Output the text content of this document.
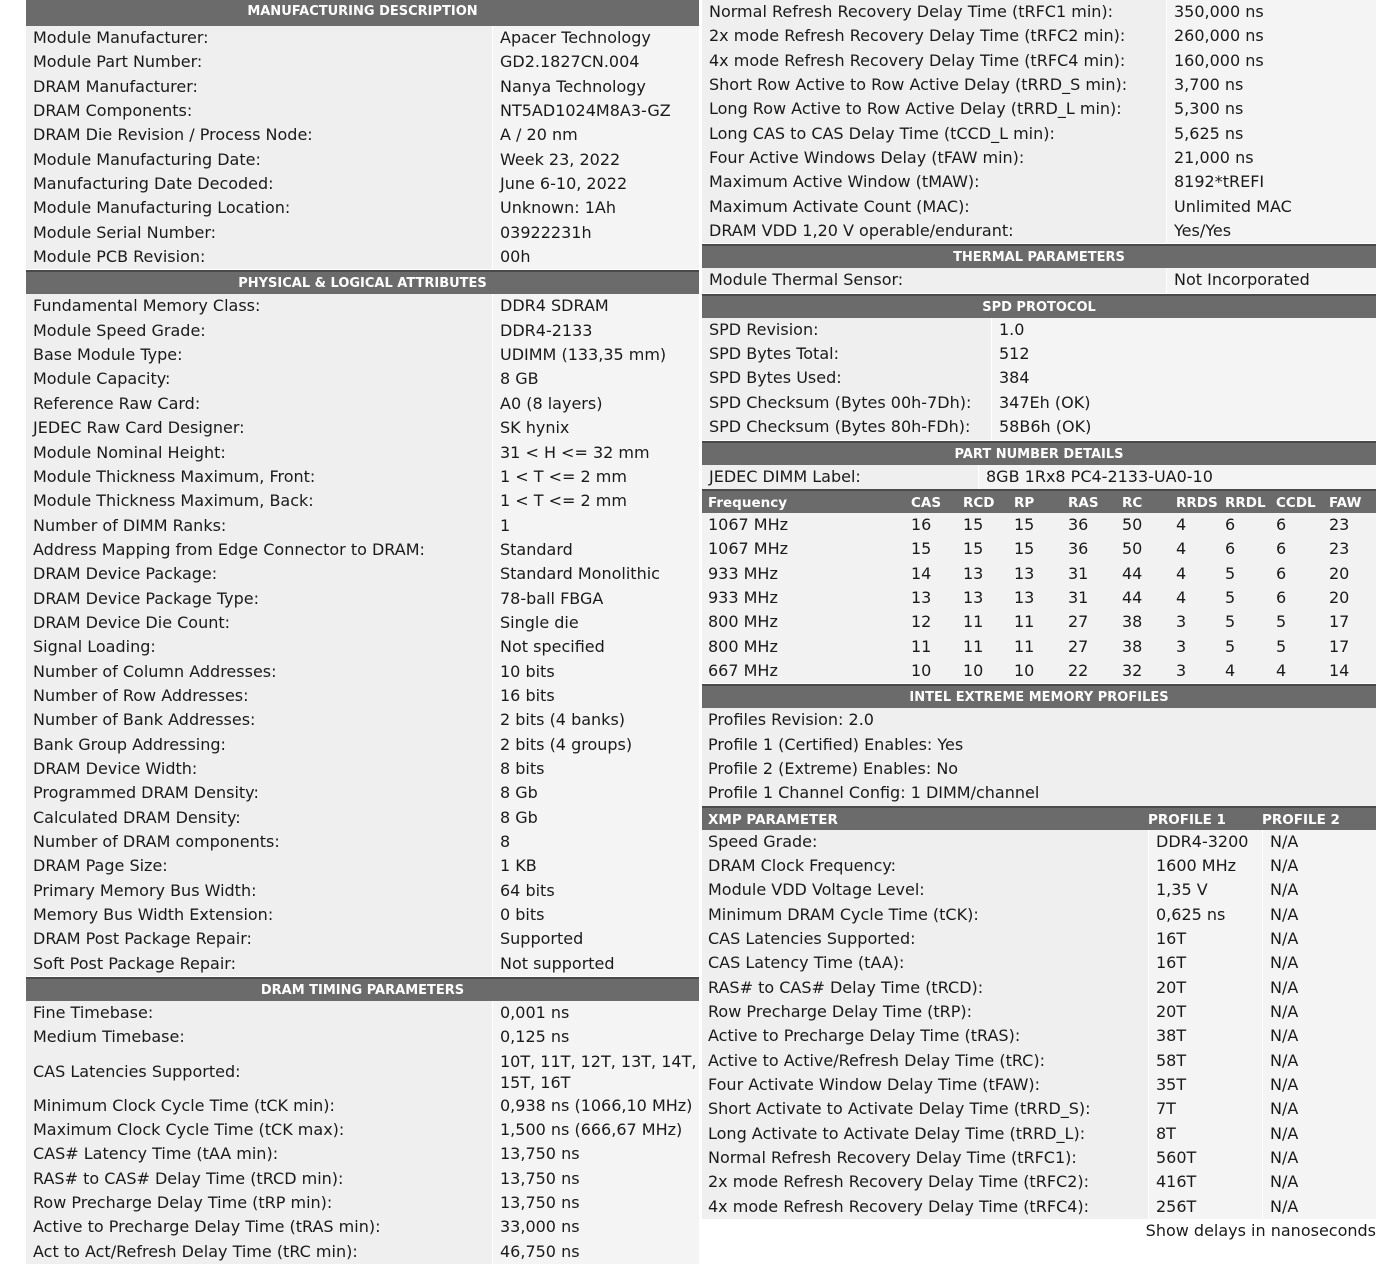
MANUFACTURING DESCRIPTION
Module Manufacturer:	Apacer Technology
Module Part Number:	GD2.1827CN.004
DRAM Manufacturer:	Nanya Technology
DRAM Components:	NT5AD1024M8A3-GZ
DRAM Die Revision / Process Node:	A / 20 nm
Module Manufacturing Date:	Week 23, 2022
Manufacturing Date Decoded:	June 6-10, 2022
Module Manufacturing Location:	Unknown: 1Ah
Module Serial Number:	03922231h
Module PCB Revision:	00h
PHYSICAL & LOGICAL ATTRIBUTES
Fundamental Memory Class:	DDR4 SDRAM
Module Speed Grade:	DDR4-2133
Base Module Type:	UDIMM (133,35 mm)
Module Capacity:	8 GB
Reference Raw Card:	A0 (8 layers)
JEDEC Raw Card Designer:	SK hynix
Module Nominal Height:	31 < H <= 32 mm
Module Thickness Maximum, Front:	1 < T <= 2 mm
Module Thickness Maximum, Back:	1 < T <= 2 mm
Number of DIMM Ranks:	1
Address Mapping from Edge Connector to DRAM:	Standard
DRAM Device Package:	Standard Monolithic
DRAM Device Package Type:	78-ball FBGA
DRAM Device Die Count:	Single die
Signal Loading:	Not specified
Number of Column Addresses:	10 bits
Number of Row Addresses:	16 bits
Number of Bank Addresses:	2 bits (4 banks)
Bank Group Addressing:	2 bits (4 groups)
DRAM Device Width:	8 bits
Programmed DRAM Density:	8 Gb
Calculated DRAM Density:	8 Gb
Number of DRAM components:	8
DRAM Page Size:	1 KB
Primary Memory Bus Width:	64 bits
Memory Bus Width Extension:	0 bits
DRAM Post Package Repair:	Supported
Soft Post Package Repair:	Not supported
DRAM TIMING PARAMETERS
Fine Timebase:	0,001 ns
Medium Timebase:	0,125 ns
CAS Latencies Supported:
10T, 11T, 12T, 13T, 14T, 15T, 16T
Minimum Clock Cycle Time (tCK min):	0,938 ns (1066,10 MHz)
Maximum Clock Cycle Time (tCK max):	1,500 ns (666,67 MHz)
CAS# Latency Time (tAA min):	13,750 ns
RAS# to CAS# Delay Time (tRCD min):	13,750 ns
Row Precharge Delay Time (tRP min):	13,750 ns
Active to Precharge Delay Time (tRAS min):	33,000 ns
Act to Act/Refresh Delay Time (tRC min):	46,750 ns
Normal Refresh Recovery Delay Time (tRFC1 min):	350,000 ns
2x mode Refresh Recovery Delay Time (tRFC2 min):	260,000 ns
4x mode Refresh Recovery Delay Time (tRFC4 min):	160,000 ns
Short Row Active to Row Active Delay (tRRD_S min):	3,700 ns
Long Row Active to Row Active Delay (tRRD_L min):	5,300 ns
Long CAS to CAS Delay Time (tCCD_L min):	5,625 ns
Four Active Windows Delay (tFAW min):	21,000 ns
Maximum Active Window (tMAW):	8192*tREFI
Maximum Activate Count (MAC):	Unlimited MAC
DRAM VDD 1,20 V operable/endurant:	Yes/Yes
THERMAL PARAMETERS
Module Thermal Sensor:	Not Incorporated
SPD PROTOCOL
SPD Revision:	1.0
SPD Bytes Total:	512
SPD Bytes Used:	384
SPD Checksum (Bytes 00h-7Dh):	347Eh (OK)
SPD Checksum (Bytes 80h-FDh):	58B6h (OK)
PART NUMBER DETAILS
JEDEC DIMM Label:	8GB 1Rx8 PC4-2133-UA0-10
Frequency	CAS	RCD	RP	RAS	RC	RRDS RRDL CCDL FAW
1067 MHz	16	15	15	36	50	4	6	6	23
1067 MHz	15	15	15	36	50	4	6	6	23
933 MHz	14	13	13	31	44	4	5	6	20
933 MHz	13	13	13	31	44	4	5	6	20
800 MHz	12	11	11	27	38	3	5	5	17
800 MHz	11	11	11	27	38	3	5	5	17
667 MHz	10	10	10	22	32	3	4	4	14
INTEL EXTREME MEMORY PROFILES
Profiles Revision: 2.0
Profile 1 (Certified) Enables: Yes
Profile 2 (Extreme) Enables: No
Profile 1 Channel Config: 1 DIMM/channel
XMP PARAMETER	PROFILE 1	PROFILE 2
Speed Grade:	DDR4-3200	N/A
DRAM Clock Frequency:	1600 MHz	N/A
Module VDD Voltage Level:	1,35 V	N/A
Minimum DRAM Cycle Time (tCK):	0,625 ns	N/A
CAS Latencies Supported:	16T	N/A
CAS Latency Time (tAA):	16T	N/A
RAS# to CAS# Delay Time (tRCD):	20T	N/A
Row Precharge Delay Time (tRP):	20T	N/A
Active to Precharge Delay Time (tRAS):	38T	N/A
Active to Active/Refresh Delay Time (tRC):	58T	N/A
Four Activate Window Delay Time (tFAW):	35T	N/A
Short Activate to Activate Delay Time (tRRD_S):	7T	N/A
Long Activate to Activate Delay Time (tRRD_L):	8T	N/A
Normal Refresh Recovery Delay Time (tRFC1):	560T	N/A
2x mode Refresh Recovery Delay Time (tRFC2):	416T	N/A
4x mode Refresh Recovery Delay Time (tRFC4):	256T	N/A
Show delays in nanoseconds
